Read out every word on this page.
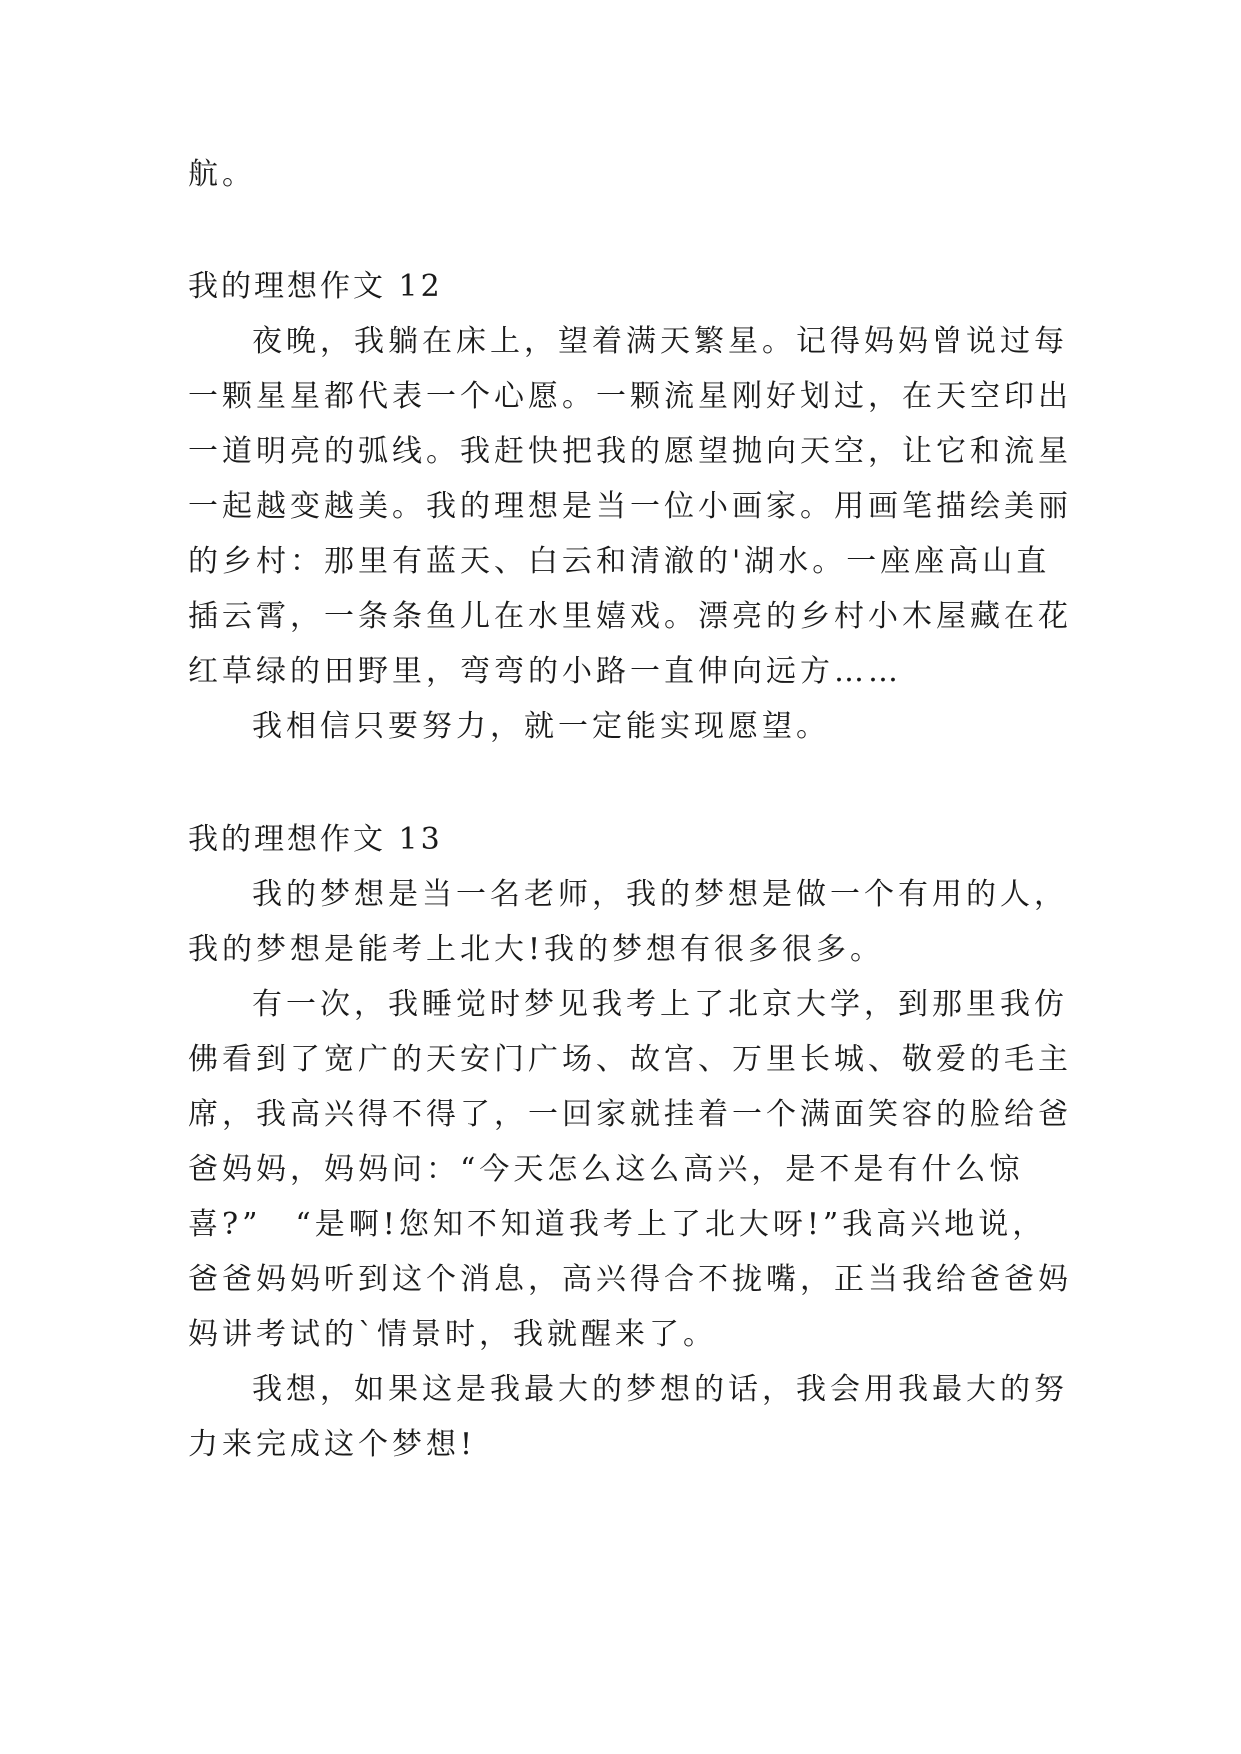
航。

我的理想作文 12

夜晚，我躺在床上，望着满天繁星。记得妈妈曾说过每

一颗星星都代表一个心愿。一颗流星刚好划过，在天空印出

一道明亮的弧线。我赶快把我的愿望抛向天空，让它和流星

一起越变越美。我的理想是当一位小画家。用画笔描绘美丽

的乡村：那里有蓝天、白云和清澈的'湖水。一座座高山直

插云霄，一条条鱼儿在水里嬉戏。漂亮的乡村小木屋藏在花

红草绿的田野里，弯弯的小路一直伸向远方……

我相信只要努力，就一定能实现愿望。

我的理想作文 13

我的梦想是当一名老师，我的梦想是做一个有用的人，

我的梦想是能考上北大!我的梦想有很多很多。

有一次，我睡觉时梦见我考上了北京大学，到那里我仿

佛看到了宽广的天安门广场、故宫、万里长城、敬爱的毛主

席，我高兴得不得了，一回家就挂着一个满面笑容的脸给爸

爸妈妈，妈妈问：“今天怎么这么高兴，是不是有什么惊

喜?”　“是啊!您知不知道我考上了北大呀!”我高兴地说，

爸爸妈妈听到这个消息，高兴得合不拢嘴，正当我给爸爸妈

妈讲考试的`情景时，我就醒来了。

我想，如果这是我最大的梦想的话，我会用我最大的努

力来完成这个梦想!
